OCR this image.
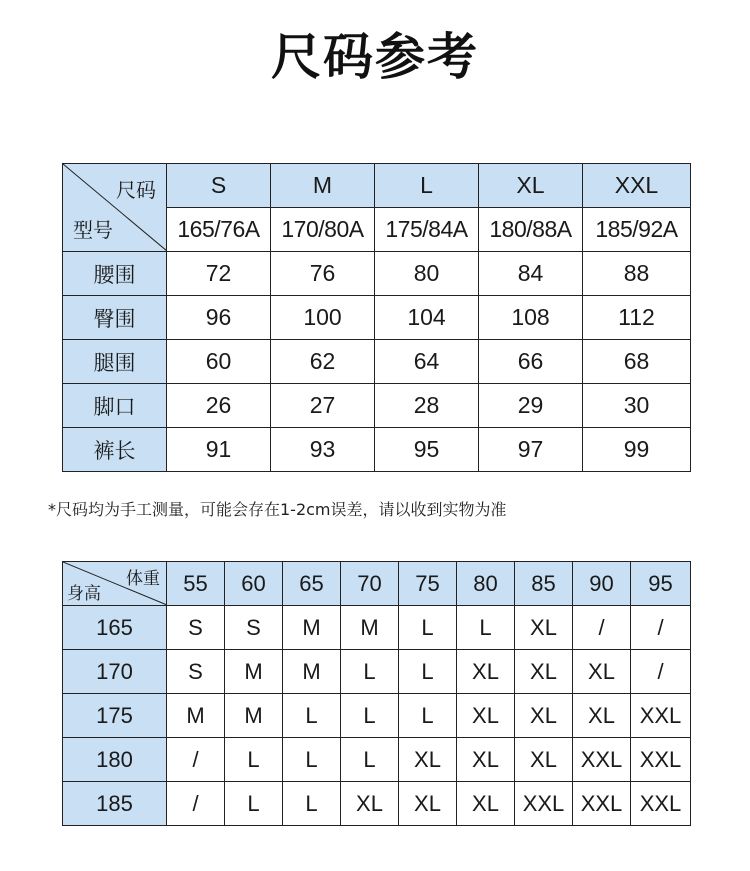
尺码参考
尺码
型号	S	M	L	XL	XXL
	165/76A	170/80A	175/84A	180/88A	185/92A
腰围	72	76	80	84	88
臀围	96	100	104	108	112
腿围	60	62	64	66	68
脚口	26	27	28	29	30
裤长	91	93	95	97	99
*尺码均为手工测量，可能会存在1-2cm误差，请以收到实物为准
体重
身高	55	60	65	70	75	80	85	90	95
165	S	S	M	M	L	L	XL	/	/
170	S	M	M	L	L	XL	XL	XL	/
175	M	M	L	L	L	XL	XL	XL	XXL
180	/	L	L	L	XL	XL	XL	XXL	XXL
185	/	L	L	XL	XL	XL	XXL	XXL	XXL
